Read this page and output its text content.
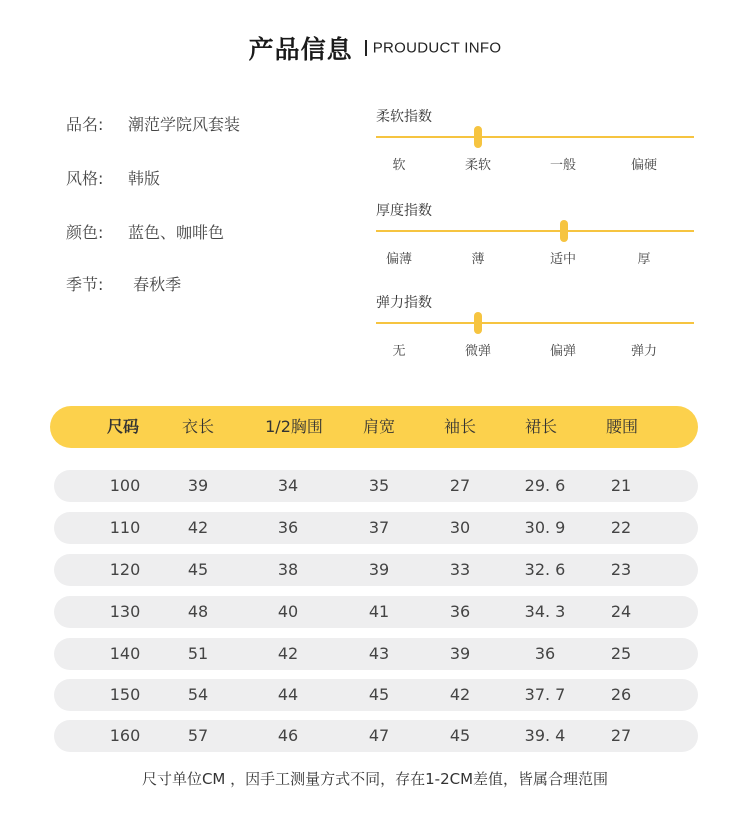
产品信息 PROUDUCT INFO
品名: 潮范学院风套装
风格: 韩版
颜色: 蓝色、咖啡色
季节: 春秋季
柔软指数
软	柔软	一般	偏硬
厚度指数
偏薄	薄	适中	厚
弹力指数
无	微弹	偏弹	弹力
尺码	衣长	1/2胸围	肩宽	袖长	裙长	腰围
100	39	34	35	27	29. 6	21
110	42	36	37	30	30. 9	22
120	45	38	39	33	32. 6	23
130	48	40	41	36	34. 3	24
140	51	42	43	39	36	25
150	54	44	45	42	37. 7	26
160	57	46	47	45	39. 4	27
尺寸单位CM ，因手工测量方式不同，存在1-2CM差值，皆属合理范围
